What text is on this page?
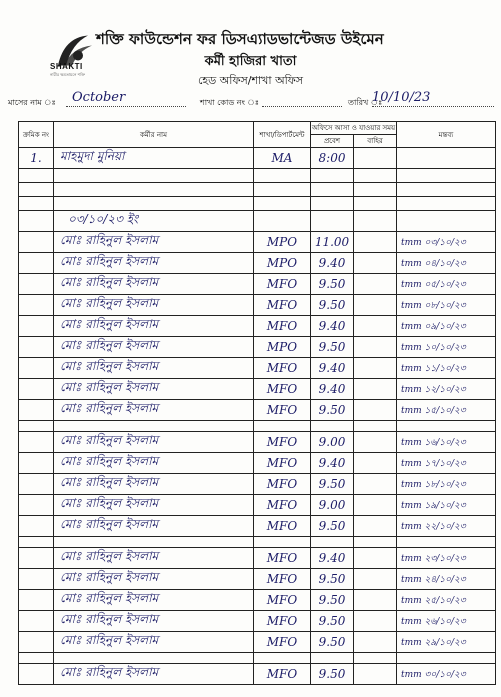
SHAKTI
নারীর ক্ষমতায়নে শক্তি
শক্তি ফাউন্ডেশন ফর ডিসএ্যাডভান্টেজড উইমেন
কর্মী হাজিরা খাতা
হেড অফিস/শাখা অফিস
মাসের নাম ঃ October	শাখা কোড নং ঃ	তারিখ ঃ
10/10/23
ক্রমিক নং	কর্মীর নাম	শাখা/ডিপার্টমেন্ট	অফিসে আসা ও যাওয়ার সময়		মন্তব্য
			প্রবেশ	বাহির	
1.	মাহমুদা মুনিয়া	MA	8:00		

	০৩/১০/২৩ ইং				
	মোঃ রাহিনুল ইসলাম	MPO	11.00		tmm ০৩/১০/২৩
	মোঃ রাহিনুল ইসলাম	MPO	9.40		tmm ০৪/১০/২৩
	মোঃ রাহিনুল ইসলাম	MFO	9.50		tmm ০৫/১০/২৩
	মোঃ রাহিনুল ইসলাম	MFO	9.50		tmm ০৮/১০/২৩
	মোঃ রাহিনুল ইসলাম	MFO	9.40		tmm ০৯/১০/২৩
	মোঃ রাহিনুল ইসলাম	MPO	9.50		tmm ১০/১০/২৩
	মোঃ রাহিনুল ইসলাম	MFO	9.40		tmm ১১/১০/২৩
	মোঃ রাহিনুল ইসলাম	MFO	9.40		tmm ১২/১০/২৩
	মোঃ রাহিনুল ইসলাম	MFO	9.50		tmm ১৫/১০/২৩

	মোঃ রাহিনুল ইসলাম	MFO	9.00		tmm ১৬/১০/২৩
	মোঃ রাহিনুল ইসলাম	MFO	9.40		tmm ১৭/১০/২৩
	মোঃ রাহিনুল ইসলাম	MFO	9.50		tmm ১৮/১০/২৩
	মোঃ রাহিনুল ইসলাম	MFO	9.00		tmm ১৯/১০/২৩
	মোঃ রাহিনুল ইসলাম	MFO	9.50		tmm ২২/১০/২৩

	মোঃ রাহিনুল ইসলাম	MFO	9.40		tmm ২৩/১০/২৩
	মোঃ রাহিনুল ইসলাম	MFO	9.50		tmm ২৪/১০/২৩
	মোঃ রাহিনুল ইসলাম	MFO	9.50		tmm ২৫/১০/২৩
	মোঃ রাহিনুল ইসলাম	MFO	9.50		tmm ২৬/১০/২৩
	মোঃ রাহিনুল ইসলাম	MFO	9.50		tmm ২৯/১০/২৩

	মোঃ রাহিনুল ইসলাম	MFO	9.50		tmm ৩০/১০/২৩
